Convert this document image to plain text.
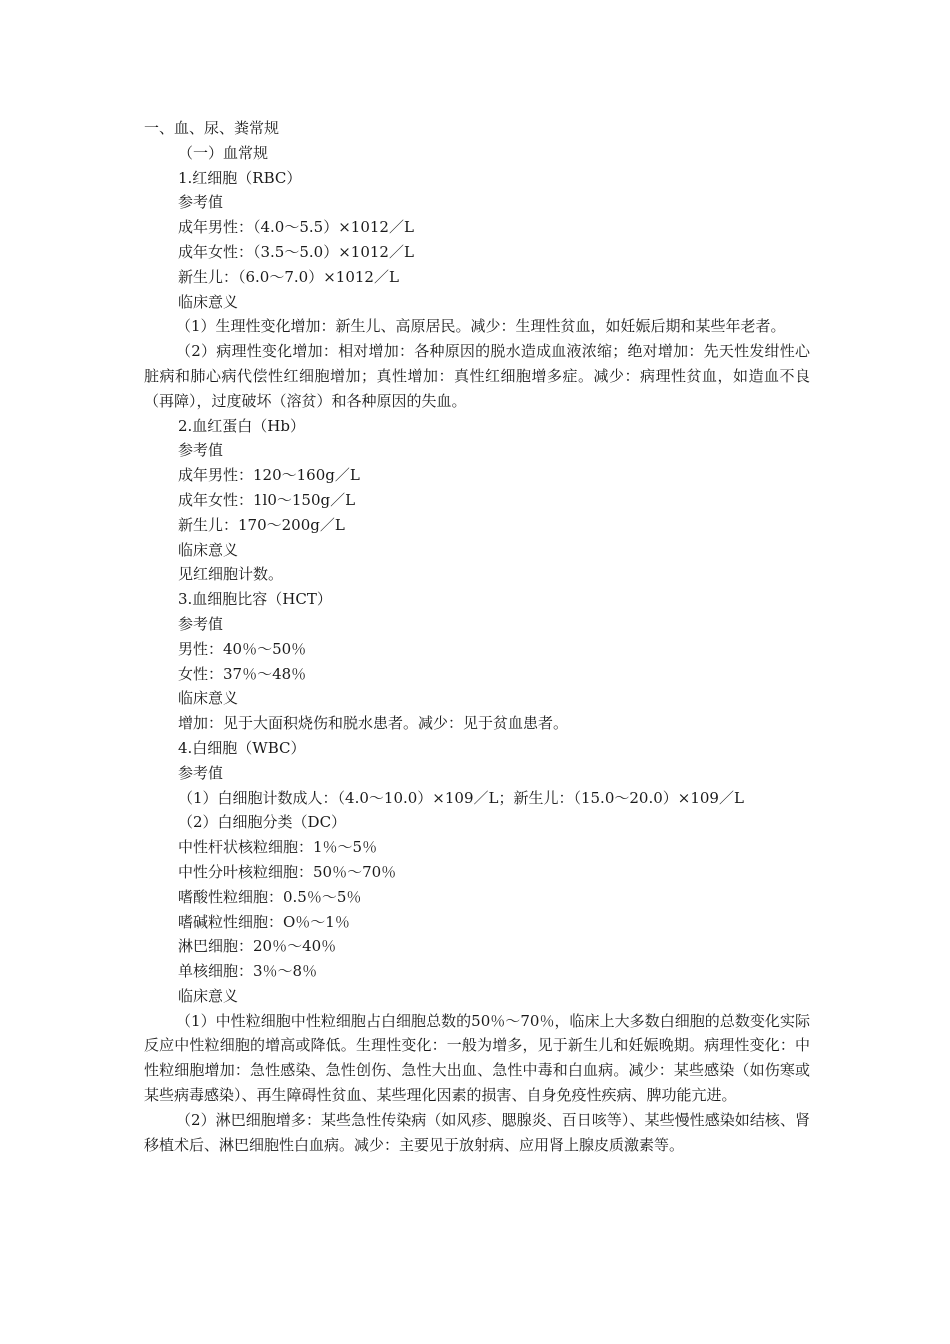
一、血、尿、粪常规
（一）血常规
1.红细胞（RBC）
参考值
成年男性：（4.0～5.5）×1012／L
成年女性：（3.5～5.0）×1012／L
新生儿：（6.0～7.0）×1012／L
临床意义
（1）生理性变化增加：新生儿、高原居民。减少：生理性贫血，如妊娠后期和某些年老者。
（2）病理性变化增加：相对增加：各种原因的脱水造成血液浓缩；绝对增加：先天性发绀性心脏病和肺心病代偿性红细胞增加；真性增加：真性红细胞增多症。减少：病理性贫血，如造血不良（再障），过度破坏（溶贫）和各种原因的失血。
2.血红蛋白（Hb）
参考值
成年男性：120～160g／L
成年女性：1l0～150g／L
新生儿：170～200g／L
临床意义
见红细胞计数。
3.血细胞比容（HCT）
参考值
男性：40％～50％
女性：37％～48％
临床意义
增加：见于大面积烧伤和脱水患者。减少：见于贫血患者。
4.白细胞（WBC）
参考值
（1）白细胞计数成人：（4.0～10.0）×109／L；新生儿：（15.0～20.0）×109／L
（2）白细胞分类（DC）
中性杆状核粒细胞：1％～5％
中性分叶核粒细胞：50％～70％
嗜酸性粒细胞：0.5％～5％
嗜碱粒性细胞：O％～1％
淋巴细胞：20％～40％
单核细胞：3％～8％
临床意义
（1）中性粒细胞中性粒细胞占白细胞总数的50％～70％，临床上大多数白细胞的总数变化实际反应中性粒细胞的增高或降低。生理性变化：一般为增多，见于新生儿和妊娠晚期。病理性变化：中性粒细胞增加：急性感染、急性创伤、急性大出血、急性中毒和白血病。减少：某些感染（如伤寒或某些病毒感染）、再生障碍性贫血、某些理化因素的损害、自身免疫性疾病、脾功能亢进。
（2）淋巴细胞增多：某些急性传染病（如风疹、腮腺炎、百日咳等）、某些慢性感染如结核、肾移植术后、淋巴细胞性白血病。减少：主要见于放射病、应用肾上腺皮质激素等。
